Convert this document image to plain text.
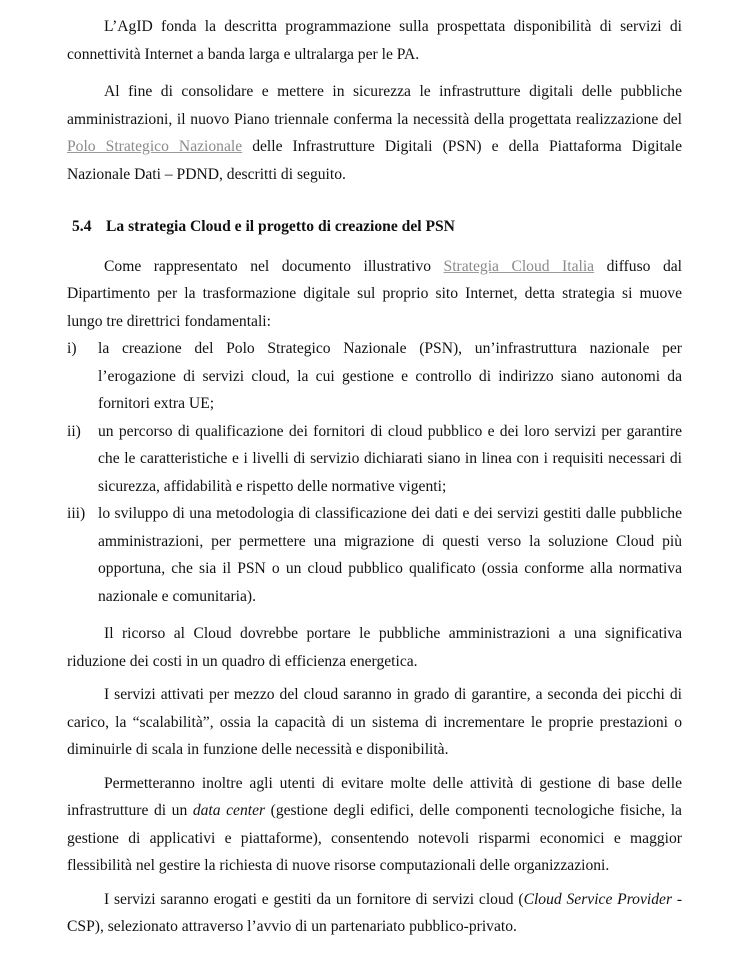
L’AgID fonda la descritta programmazione sulla prospettata disponibilità di servizi di connettività Internet a banda larga e ultralarga per le PA.

Al fine di consolidare e mettere in sicurezza le infrastrutture digitali delle pubbliche amministrazioni, il nuovo Piano triennale conferma la necessità della progettata realizzazione del Polo Strategico Nazionale delle Infrastrutture Digitali (PSN) e della Piattaforma Digitale Nazionale Dati – PDND, descritti di seguito.

5.4 La strategia Cloud e il progetto di creazione del PSN

Come rappresentato nel documento illustrativo Strategia Cloud Italia diffuso dal Dipartimento per la trasformazione digitale sul proprio sito Internet, detta strategia si muove lungo tre direttrici fondamentali:

i) la creazione del Polo Strategico Nazionale (PSN), un’infrastruttura nazionale per l’erogazione di servizi cloud, la cui gestione e controllo di indirizzo siano autonomi da fornitori extra UE;
ii) un percorso di qualificazione dei fornitori di cloud pubblico e dei loro servizi per garantire che le caratteristiche e i livelli di servizio dichiarati siano in linea con i requisiti necessari di sicurezza, affidabilità e rispetto delle normative vigenti;
iii) lo sviluppo di una metodologia di classificazione dei dati e dei servizi gestiti dalle pubbliche amministrazioni, per permettere una migrazione di questi verso la soluzione Cloud più opportuna, che sia il PSN o un cloud pubblico qualificato (ossia conforme alla normativa nazionale e comunitaria).

Il ricorso al Cloud dovrebbe portare le pubbliche amministrazioni a una significativa riduzione dei costi in un quadro di efficienza energetica.

I servizi attivati per mezzo del cloud saranno in grado di garantire, a seconda dei picchi di carico, la “scalabilità”, ossia la capacità di un sistema di incrementare le proprie prestazioni o diminuirle di scala in funzione delle necessità e disponibilità.

Permetteranno inoltre agli utenti di evitare molte delle attività di gestione di base delle infrastrutture di un data center (gestione degli edifici, delle componenti tecnologiche fisiche, la gestione di applicativi e piattaforme), consentendo notevoli risparmi economici e maggior flessibilità nel gestire la richiesta di nuove risorse computazionali delle organizzazioni.

I servizi saranno erogati e gestiti da un fornitore di servizi cloud (Cloud Service Provider - CSP), selezionato attraverso l’avvio di un partenariato pubblico-privato.
